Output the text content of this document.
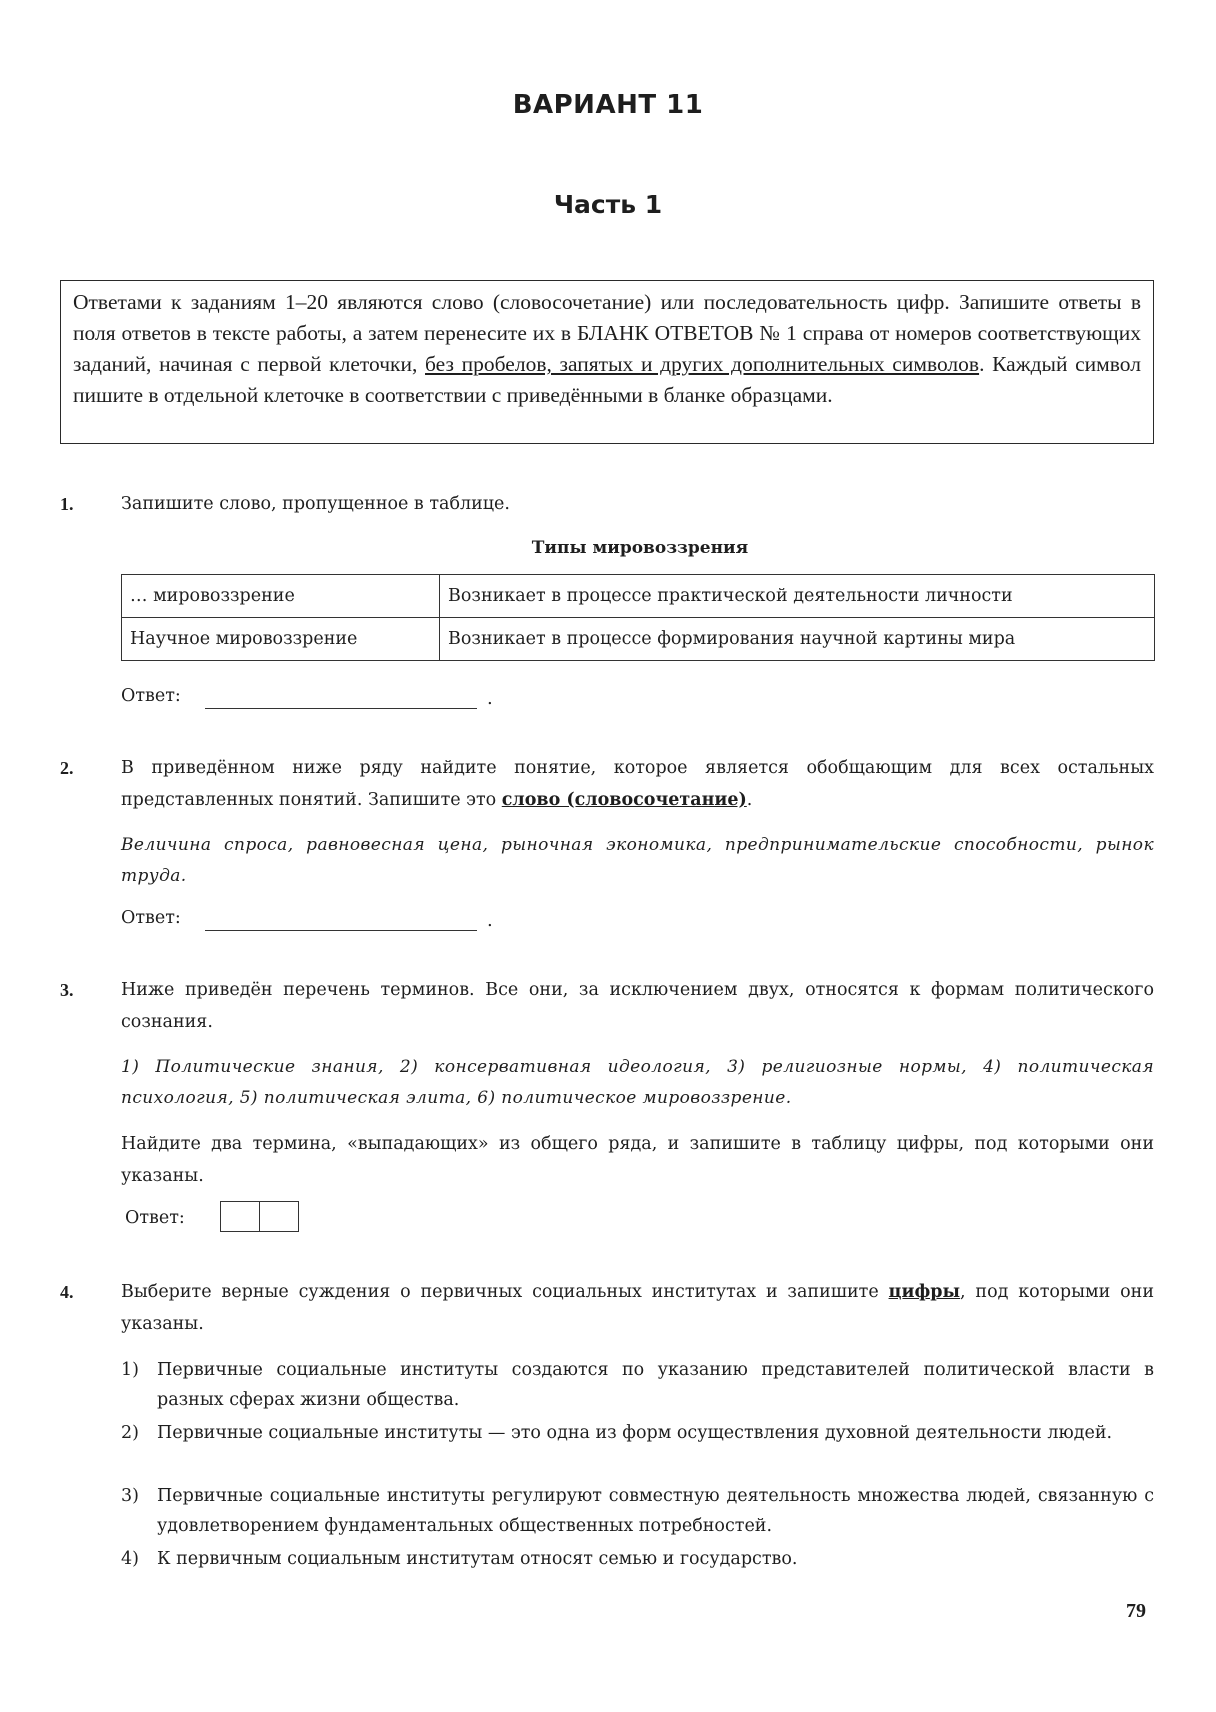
ВАРИАНТ 11
Часть 1
Ответами к заданиям 1–20 являются слово (словосочетание) или последовательность цифр. Запишите ответы в поля ответов в тексте работы, а затем перенесите их в БЛАНК ОТВЕТОВ № 1 справа от номеров соответствующих заданий, начиная с первой клеточки, без пробелов, запятых и других дополнительных символов. Каждый символ пишите в отдельной клеточке в соответствии с приведёнными в бланке образцами.
1.	Запишите слово, пропущенное в таблице.
Типы мировоззрения
… мировоззрение	Возникает в процессе практической деятельности личности
Научное мировоззрение	Возникает в процессе формирования научной картины мира
Ответ:	.
2.	В приведённом ниже ряду найдите понятие, которое является обобщающим для всех остальных представленных понятий. Запишите это слово (словосочетание).
Величина спроса, равновесная цена, рыночная экономика, предпринимательские способности, рынок труда.
Ответ:	.
3.	Ниже приведён перечень терминов. Все они, за исключением двух, относятся к формам политического сознания.
1) Политические знания, 2) консервативная идеология, 3) религиозные нормы, 4) политическая психология, 5) политическая элита, 6) политическое мировоззрение.
Найдите два термина, «выпадающих» из общего ряда, и запишите в таблицу цифры, под которыми они указаны.
Ответ:
4.	Выберите верные суждения о первичных социальных институтах и запишите цифры, под которыми они указаны.
1) Первичные социальные институты создаются по указанию представителей политической власти в разных сферах жизни общества.
2) Первичные социальные институты — это одна из форм осуществления духовной деятельности людей.
3) Первичные социальные институты регулируют совместную деятельность множества людей, связанную с удовлетворением фундаментальных общественных потребностей.
4) К первичным социальным институтам относят семью и государство.
79
